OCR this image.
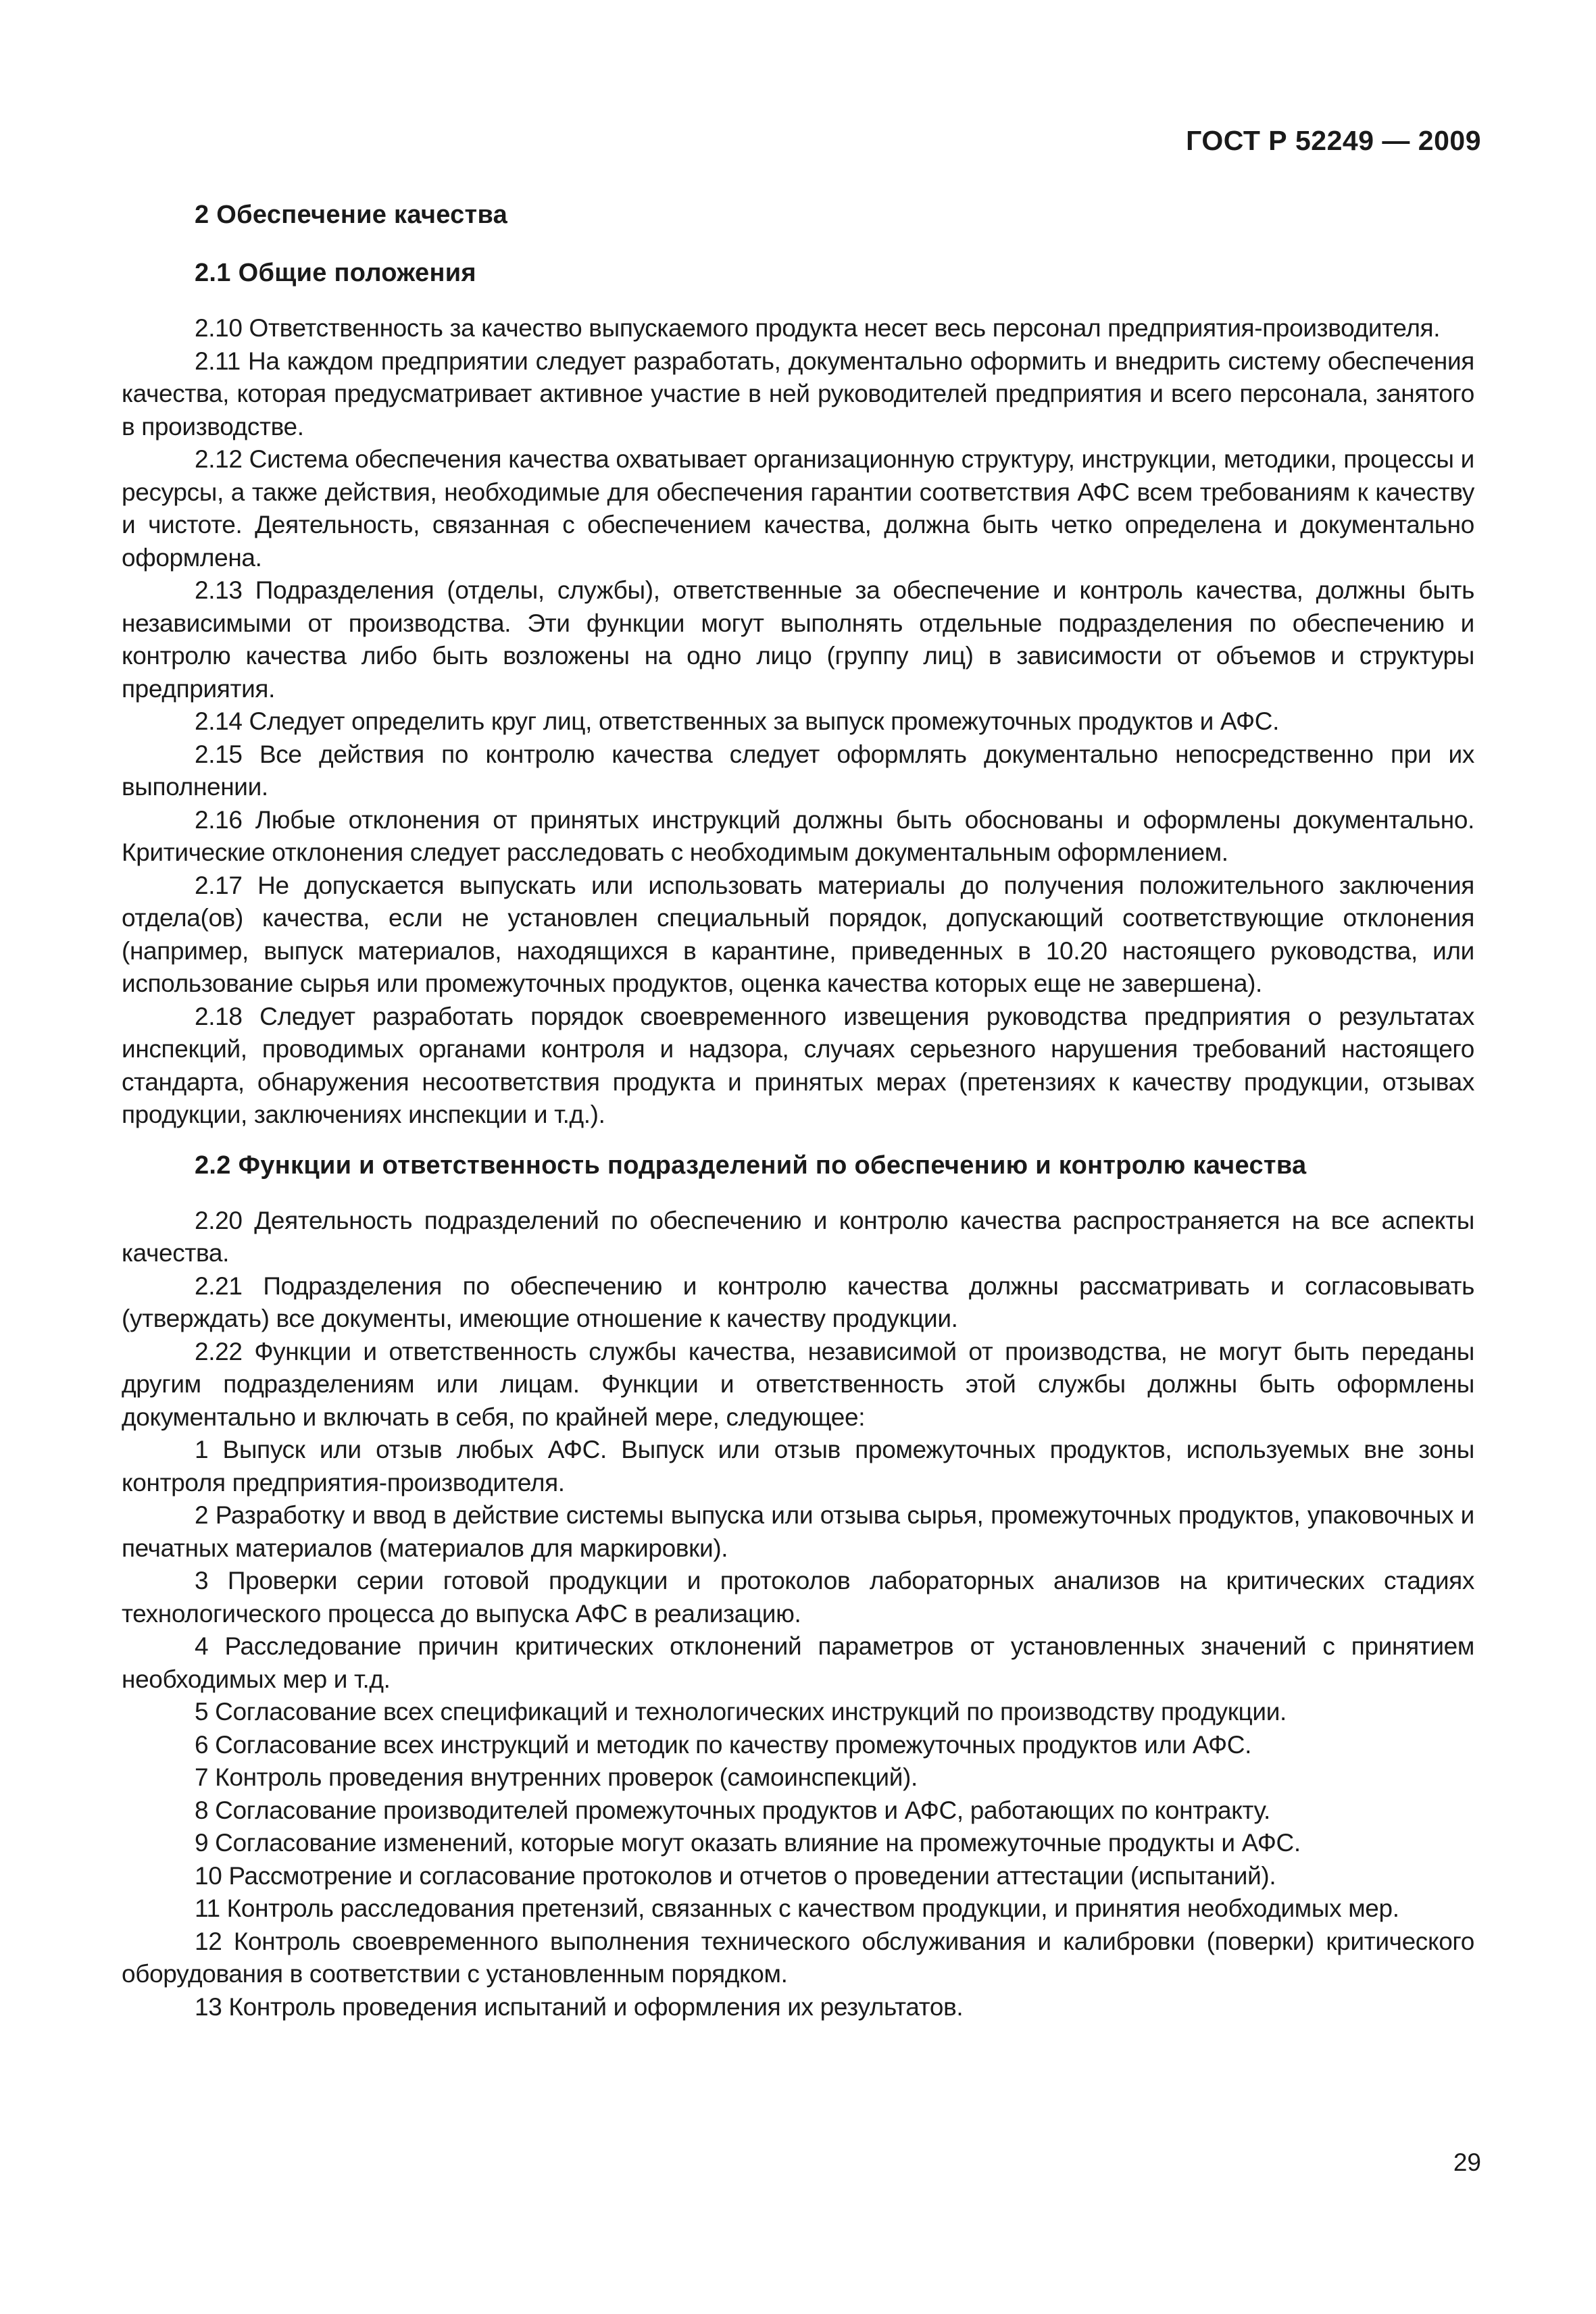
ГОСТ Р 52249 — 2009
2 Обеспечение качества
2.1 Общие положения

2.10 Ответственность за качество выпускаемого продукта несет весь персонал предприятия-производителя.

2.11 На каждом предприятии следует разработать, документально оформить и внедрить систему обеспечения качества, которая предусматривает активное участие в ней руководителей предприятия и всего персонала, занятого в производстве.

2.12 Система обеспечения качества охватывает организационную структуру, инструкции, методики, процессы и ресурсы, а также действия, необходимые для обеспечения гарантии соответствия АФС всем требованиям к качеству и чистоте. Деятельность, связанная с обеспечением качества, должна быть четко определена и документально оформлена.

2.13 Подразделения (отделы, службы), ответственные за обеспечение и контроль качества, должны быть независимыми от производства. Эти функции могут выполнять отдельные подразделения по обеспечению и контролю качества либо быть возложены на одно лицо (группу лиц) в зависимости от объемов и структуры предприятия.

2.14 Следует определить круг лиц, ответственных за выпуск промежуточных продуктов и АФС.

2.15 Все действия по контролю качества следует оформлять документально непосредственно при их выполнении.

2.16 Любые отклонения от принятых инструкций должны быть обоснованы и оформлены документально. Критические отклонения следует расследовать с необходимым документальным оформлением.

2.17 Не допускается выпускать или использовать материалы до получения положительного заключения отдела(ов) качества, если не установлен специальный порядок, допускающий соответствующие отклонения (например, выпуск материалов, находящихся в карантине, приведенных в 10.20 настоящего руководства, или использование сырья или промежуточных продуктов, оценка качества которых еще не завершена).

2.18 Следует разработать порядок своевременного извещения руководства предприятия о результатах инспекций, проводимых органами контроля и надзора, случаях серьезного нарушения требований настоящего стандарта, обнаружения несоответствия продукта и принятых мерах (претензиях к качеству продукции, отзывах продукции, заключениях инспекции и т.д.).

2.2 Функции и ответственность подразделений по обеспечению и контролю качества

2.20 Деятельность подразделений по обеспечению и контролю качества распространяется на все аспекты качества.

2.21 Подразделения по обеспечению и контролю качества должны рассматривать и согласовывать (утверждать) все документы, имеющие отношение к качеству продукции.

2.22 Функции и ответственность службы качества, независимой от производства, не могут быть переданы другим подразделениям или лицам. Функции и ответственность этой службы должны быть оформлены документально и включать в себя, по крайней мере, следующее:

1 Выпуск или отзыв любых АФС. Выпуск или отзыв промежуточных продуктов, используемых вне зоны контроля предприятия-производителя.

2 Разработку и ввод в действие системы выпуска или отзыва сырья, промежуточных продуктов, упаковочных и печатных материалов (материалов для маркировки).

3 Проверки серии готовой продукции и протоколов лабораторных анализов на критических стадиях технологического процесса до выпуска АФС в реализацию.

4 Расследование причин критических отклонений параметров от установленных значений с принятием необходимых мер и т.д.

5 Согласование всех спецификаций и технологических инструкций по производству продукции.

6 Согласование всех инструкций и методик по качеству промежуточных продуктов или АФС.

7 Контроль проведения внутренних проверок (самоинспекций).

8 Согласование производителей промежуточных продуктов и АФС, работающих по контракту.

9 Согласование изменений, которые могут оказать влияние на промежуточные продукты и АФС.

10 Рассмотрение и согласование протоколов и отчетов о проведении аттестации (испытаний).

11 Контроль расследования претензий, связанных с качеством продукции, и принятия необходимых мер.

12 Контроль своевременного выполнения технического обслуживания и калибровки (поверки) критического оборудования в соответствии с установленным порядком.

13 Контроль проведения испытаний и оформления их результатов.

29
